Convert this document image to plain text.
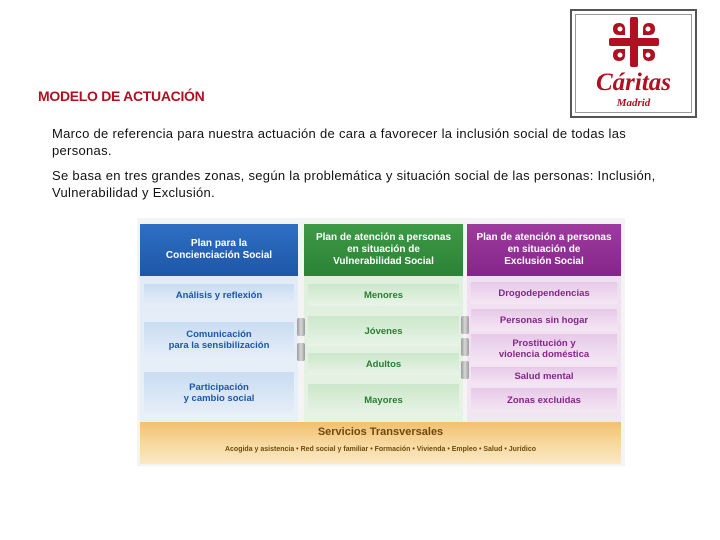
MODELO DE ACTUACIÓN
Marco de referencia para nuestra actuación de cara a favorecer la inclusión social de todas las personas.
Se basa en tres grandes zonas, según la problemática y situación social de las personas: Inclusión, Vulnerabilidad y Exclusión.
Cáritas
Madrid
Plan para la
Concienciación Social
Análisis y reflexión
Comunicación
para la sensibilización
Participación
y cambio social
Plan de atención a personas
en situación de
Vulnerabilidad Social
Menores
Jóvenes
Adultos
Mayores
Plan de atención a personas
en situación de
Exclusión Social
Drogodependencias
Personas sin hogar
Prostitución y
violencia doméstica
Salud mental
Zonas excluidas
Servicios Transversales
Acogida y asistencia • Red social y familiar • Formación • Vivienda • Empleo • Salud • Jurídico
